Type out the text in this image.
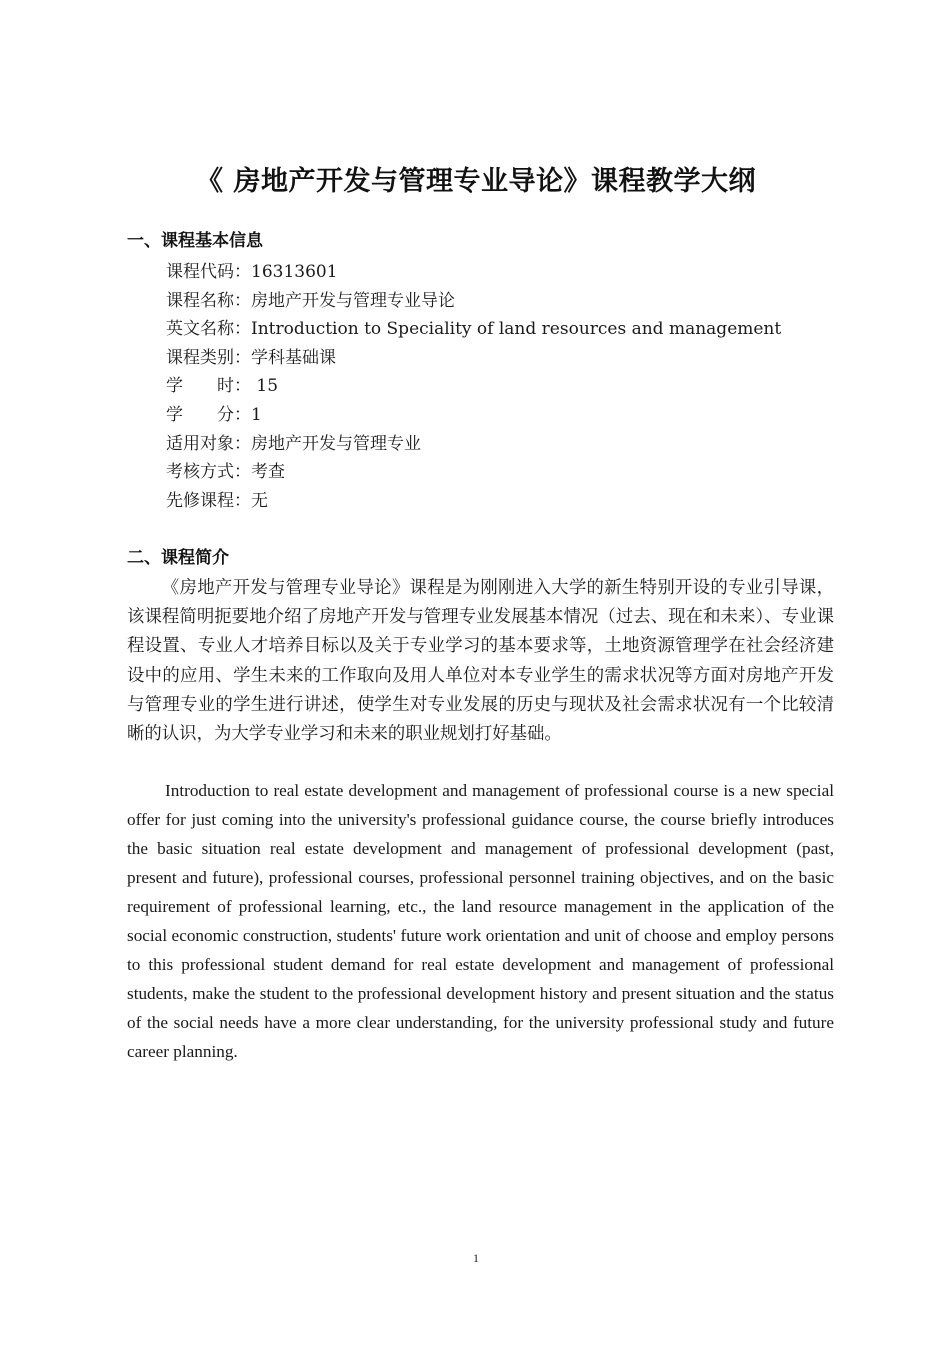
《 房地产开发与管理专业导论》课程教学大纲
一、课程基本信息
课程代码：16313601
课程名称：房地产开发与管理专业导论
英文名称：Introduction to Speciality of land resources and management
课程类别：学科基础课
学　　时： 15
学　　分：1
适用对象：房地产开发与管理专业
考核方式：考查
先修课程：无
二、课程简介

《房地产开发与管理专业导论》课程是为刚刚进入大学的新生特别开设的专业引导课，该课程简明扼要地介绍了房地产开发与管理专业发展基本情况（过去、现在和未来）、专业课程设置、专业人才培养目标以及关于专业学习的基本要求等，土地资源管理学在社会经济建设中的应用、学生未来的工作取向及用人单位对本专业学生的需求状况等方面对房地产开发与管理专业的学生进行讲述，使学生对专业发展的历史与现状及社会需求状况有一个比较清晰的认识，为大学专业学习和未来的职业规划打好基础。

Introduction to real estate development and management of professional course is a new special offer for just coming into the university's professional guidance course, the course briefly introduces the basic situation real estate development and management of professional development (past, present and future), professional courses, professional personnel training objectives, and on the basic requirement of professional learning, etc., the land resource management in the application of the social economic construction, students' future work orientation and unit of choose and employ persons to this professional student demand for real estate development and management of professional students, make the student to the professional development history and present situation and the status of the social needs have a more clear understanding, for the university professional study and future career planning.

1
